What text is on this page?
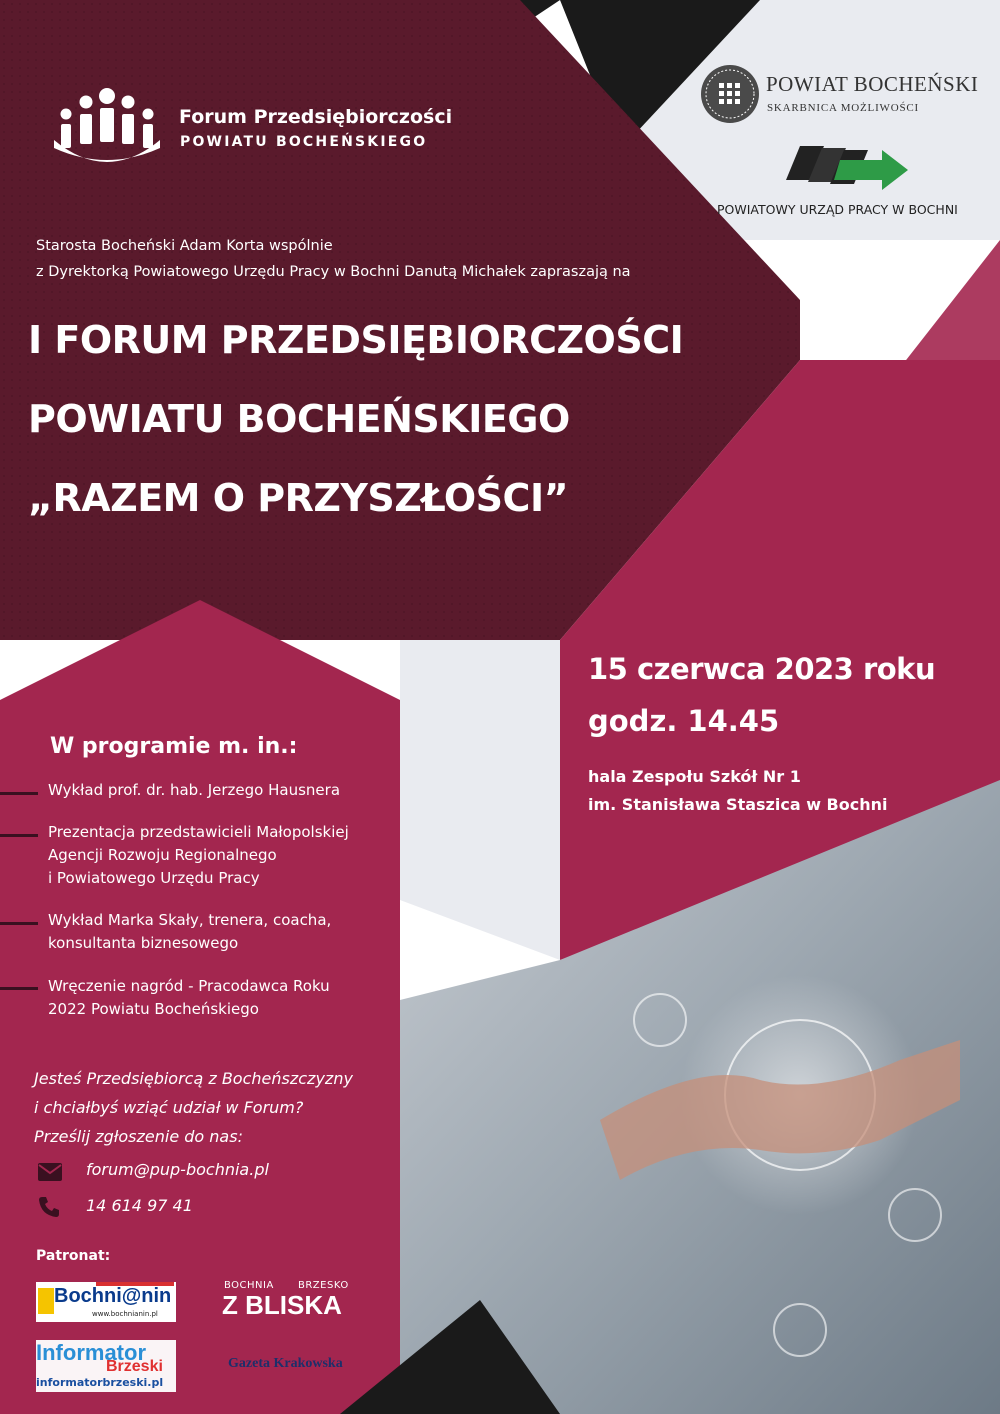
Forum Przedsiębiorczości
POWIATU BOCHEŃSKIEGO
POWIAT BOCHEŃSKI
SKARBNICA MOŻLIWOŚCI
POWIATOWY URZĄD PRACY W BOCHNI
Starosta Bocheński Adam Korta wspólnie
z Dyrektorką Powiatowego Urzędu Pracy w Bochni Danutą Michałek zapraszają na
I FORUM PRZEDSIĘBIORCZOŚCI
POWIATU BOCHEŃSKIEGO
„RAZEM O PRZYSZŁOŚCI”
15 czerwca 2023 roku
godz. 14.45
hala Zespołu Szkół Nr 1
im. Stanisława Staszica w Bochni
W programie m. in.:
Wykład prof. dr. hab. Jerzego Hausnera
Prezentacja przedstawicieli Małopolskiej
Agencji Rozwoju Regionalnego
i Powiatowego Urzędu Pracy
Wykład Marka Skały, trenera, coacha,
konsultanta biznesowego
Wręczenie nagród - Pracodawca Roku
2022 Powiatu Bocheńskiego
Jesteś Przedsiębiorcą z Bocheńszczyzny
i chciałbyś wziąć udział w Forum?
Prześlij zgłoszenie do nas:
forum@pup-bochnia.pl
14 614 97 41
Patronat:
Bochni@nin
www.bochnianin.pl
BOCHNIA BRZESKO
Z BLISKA
Informator
Brzeski
informatorbrzeski.pl
Gazeta Krakowska
